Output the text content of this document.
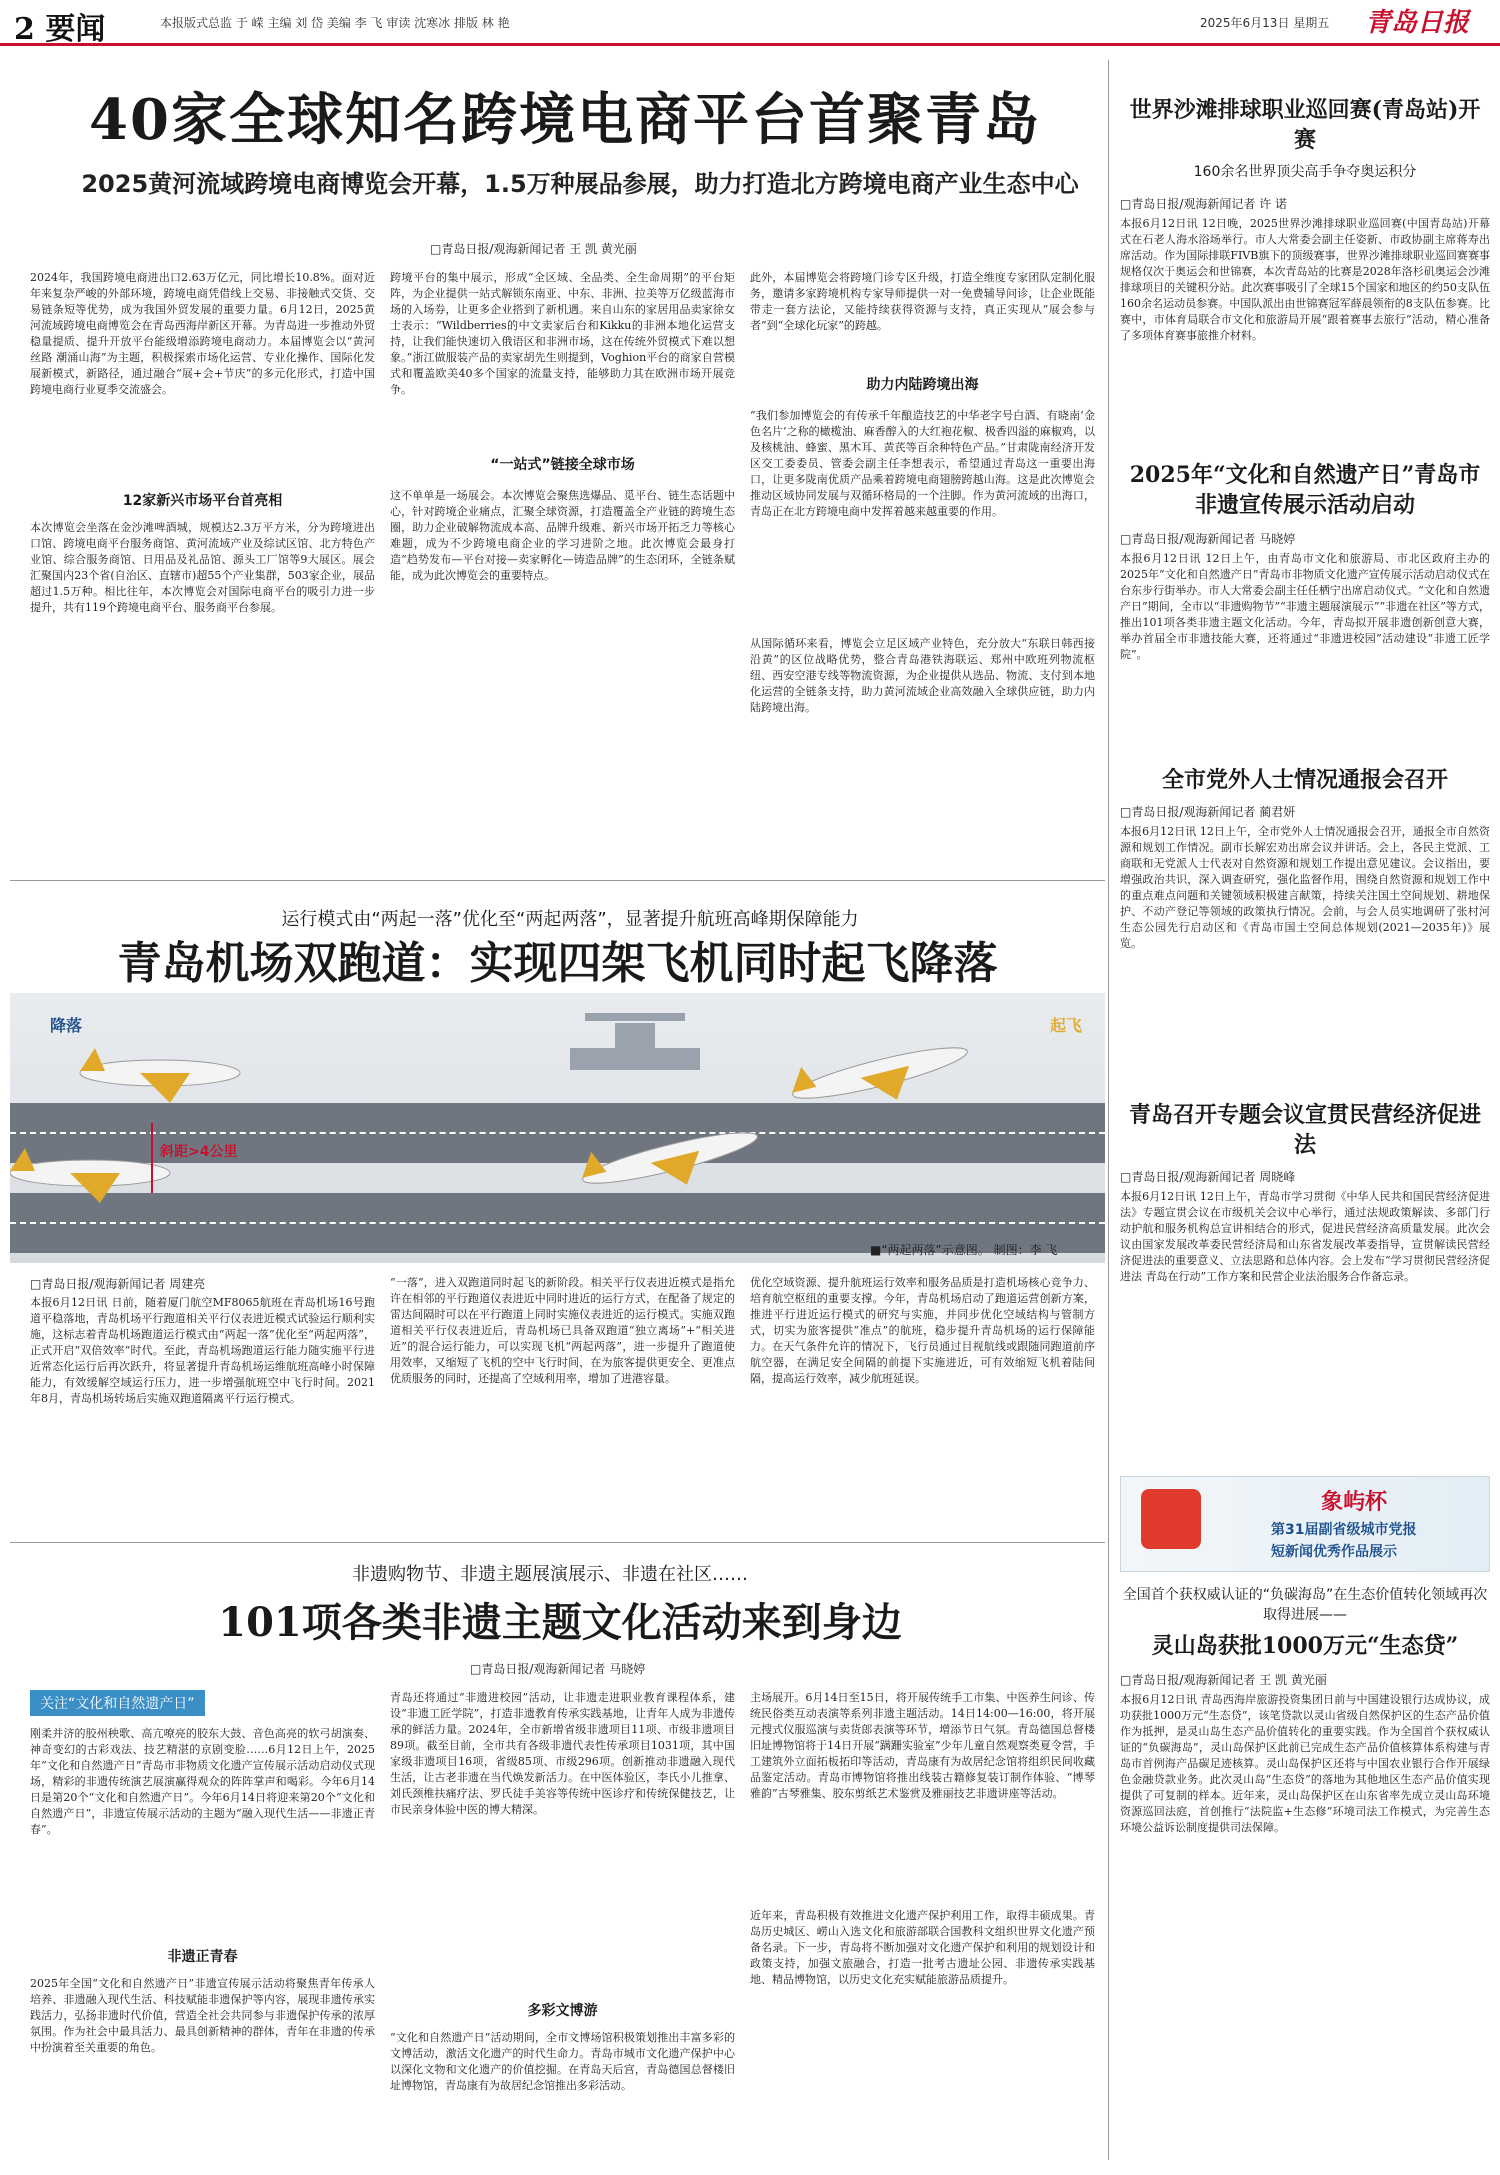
2 要闻	本报版式总监 于 嵘 主编 刘 岱 美编 李 飞 审读 沈寒冰 排版 林 艳	2025年6月13日 星期五 青岛日报
40家全球知名跨境电商平台首聚青岛
2025黄河流域跨境电商博览会开幕，1.5万种展品参展，助力打造北方跨境电商产业生态中心
□青岛日报/观海新闻记者 王 凯 黄光丽

2024年，我国跨境电商进出口2.63万亿元，同比增长10.8%。面对近年来复杂严峻的外部环境，跨境电商凭借线上交易、非接触式交货、交易链条短等优势，成为我国外贸发展的重要力量。6月12日，2025黄河流域跨境电商博览会在青岛西海岸新区开幕。为青岛进一步推动外贸稳量提质、提升开放平台能级增添跨境电商动力。本届博览会以“黄河丝路 潮涌山海”为主题，积极探索市场化运营、专业化操作、国际化发展新模式，新路径，通过融合“展+会+节庆”的多元化形式，打造中国跨境电商行业夏季交流盛会。

12家新兴市场平台首亮相

本次博览会坐落在金沙滩啤酒城，规模达2.3万平方米，分为跨境进出口馆、跨境电商平台服务商馆、黄河流域产业及综试区馆、北方特色产业馆、综合服务商馆、日用品及礼品馆、源头工厂馆等9大展区。展会汇聚国内23个省(自治区、直辖市)超55个产业集群，503家企业，展品超过1.5万种。相比往年，本次博览会对国际电商平台的吸引力进一步提升，共有119个跨境电商平台、服务商平台参展。

跨境平台的集中展示，形成“全区域、全品类、全生命周期”的平台矩阵，为企业提供一站式解锁东南亚、中东、非洲、拉美等万亿级蓝海市场的入场券，让更多企业搭到了新机遇。来自山东的家居用品卖家徐女士表示：“Wildberries的中文卖家后台和Kikku的非洲本地化运营支持，让我们能快速切入俄语区和非洲市场，这在传统外贸模式下难以想象。”浙江做服装产品的卖家胡先生则提到，Voghion平台的商家自营模式和覆盖欧美40多个国家的流量支持，能够助力其在欧洲市场开展竞争。

“一站式”链接全球市场

这不单单是一场展会。本次博览会聚焦选爆品、觅平台、链生态话题中心，针对跨境企业痛点，汇聚全球资源，打造覆盖全产业链的跨境生态圈，助力企业破解物流成本高、品牌升级难、新兴市场开拓乏力等核心难题，成为不少跨境电商企业的学习进阶之地。此次博览会最身打造“趋势发布—平台对接—卖家孵化—铸造品牌”的生态闭环，全链条赋能，成为此次博览会的重要特点。

此外，本届博览会将跨境门诊专区升级，打造全维度专家团队定制化服务，邀请多家跨境机构专家导师提供一对一免费辅导问诊，让企业既能带走一套方法论，又能持续获得资源与支持，真正实现从“展会参与者”到“全球化玩家”的跨越。

助力内陆跨境出海

“我们参加博览会的有传承千年酿造技艺的中华老字号白酒、有晓南‘金色名片’之称的橄榄油、麻香醇入的大红袍花椒、极香四溢的麻椒鸡，以及核桃油、蜂蜜、黑木耳、黄芪等百余种特色产品。”甘肃陇南经济开发区交工委委员、管委会副主任李想表示，希望通过青岛这一重要出海口，让更多陇南优质产品乘着跨境电商翅膀跨越山海。这是此次博览会推动区域协同发展与双循环格局的一个注脚。作为黄河流域的出海口，青岛正在北方跨境电商中发挥着越来越重要的作用。

从国际循环来看，博览会立足区域产业特色，充分放大“东联日韩西接沿黄”的区位战略优势，整合青岛港铁海联运、郑州中欧班列物流枢纽、西安空港专线等物流资源，为企业提供从选品、物流、支付到本地化运营的全链条支持，助力黄河流域企业高效融入全球供应链，助力内陆跨境出海。

运行模式由“两起一落”优化至“两起两落”，显著提升航班高峰期保障能力
青岛机场双跑道：实现四架飞机同时起飞降落
降落	起飞
斜距>4公里
■“两起两落”示意图。 制图：李 飞
□青岛日报/观海新闻记者 周建亮

本报6月12日讯 日前，随着厦门航空MF8065航班在青岛机场16号跑道平稳落地，青岛机场平行跑道相关平行仪表进近模式试验运行顺利实施，这标志着青岛机场跑道运行模式由“两起一落”优化至“两起两落”，正式开启“双倍效率”时代。至此，青岛机场跑道运行能力随实施平行进近常态化运行后再次跃升，将显著提升青岛机场运维航班高峰小时保障能力，有效缓解空域运行压力，进一步增强航班空中飞行时间。2021年8月，青岛机场转场后实施双跑道隔离平行运行模式。

“一落”，进入双跑道同时起飞的新阶段。相关平行仪表进近模式是指允许在相邻的平行跑道仪表进近中同时进近的运行方式，在配备了规定的雷达间隔时可以在平行跑道上同时实施仪表进近的运行模式。实施双跑道相关平行仪表进近后，青岛机场已具备双跑道“独立离场”+“相关进近”的混合运行能力，可以实现飞机“两起两落”，进一步提升了跑道使用效率，又缩短了飞机的空中飞行时间，在为旅客提供更安全、更准点优质服务的同时，还提高了空域利用率，增加了进港容量。

优化空域资源、提升航班运行效率和服务品质是打造机场核心竞争力、培育航空枢纽的重要支撑。今年，青岛机场启动了跑道运营创新方案，推进平行进近运行模式的研究与实施，并同步优化空域结构与管制方式，切实为旅客提供“准点”的航班，稳步提升青岛机场的运行保障能力。在天气条件允许的情况下，飞行员通过目视航线或跟随同跑道前序航空器，在满足安全间隔的前提下实施进近，可有效缩短飞机着陆间隔，提高运行效率，减少航班延误。

非遗购物节、非遗主题展演展示、非遗在社区……
101项各类非遗主题文化活动来到身边
□青岛日报/观海新闻记者 马晓婷
关注“文化和自然遗产日”

刚柔并济的胶州秧歌、高亢嘹亮的胶东大鼓、音色高亮的软弓胡演奏、神奇变幻的古彩戏法、技艺精湛的京剧变脸……6月12日上午，2025年“文化和自然遗产日”青岛市非物质文化遗产宣传展示活动启动仪式现场，精彩的非遗传统演艺展演赢得观众的阵阵掌声和喝彩。今年6月14日是第20个“文化和自然遗产日”。今年6月14日将迎来第20个“文化和自然遗产日”，非遗宣传展示活动的主题为“融入现代生活——非遗正青春”。

非遗正青春

2025年全国“文化和自然遗产日”非遗宣传展示活动将聚焦青年传承人培养、非遗融入现代生活、科技赋能非遗保护等内容，展现非遗传承实践活力，弘扬非遗时代价值，营造全社会共同参与非遗保护传承的浓厚氛围。作为社会中最具活力、最具创新精神的群体，青年在非遗的传承中扮演着至关重要的角色。

青岛还将通过“非遗进校园”活动，让非遗走进职业教育课程体系，建设“非遗工匠学院”，打造非遗教育传承实践基地，让青年人成为非遗传承的鲜活力量。2024年，全市新增省级非遗项目11项、市级非遗项目89项。截至目前，全市共有各级非遗代表性传承项目1031项，其中国家级非遗项目16项，省级85项、市级296项。创新推动非遗融入现代生活，让古老非遗在当代焕发新活力。在中医体验区，李氏小儿推拿、刘氏颈椎扶痛疗法、罗氏徒手美容等传统中医诊疗和传统保健技艺，让市民亲身体验中医的博大精深。

多彩文博游

“文化和自然遗产日”活动期间，全市文博场馆积极策划推出丰富多彩的文博活动，激活文化遗产的时代生命力。青岛市城市文化遗产保护中心以深化文物和文化遗产的价值挖掘。在青岛天后宫，青岛德国总督楼旧址博物馆，青岛康有为故居纪念馆推出多彩活动。

主场展开。6月14日至15日，将开展传统手工市集、中医养生问诊、传统民俗类互动表演等系列非遗主题活动。14日14:00—16:00，将开展元搜式仪服巡演与卖货郎表演等环节，增添节日气氛。青岛德国总督楼旧址博物馆将于14日开展“蹒跚实验室”少年儿童自然观察类夏令营，手工建筑外立面拓板拓印等活动，青岛康有为故居纪念馆将组织民间收藏品鉴定活动。青岛市博物馆将推出线装古籍修复装订制作体验、“博琴雅韵”古琴雅集、胶东剪纸艺术鉴赏及雅丽技艺非遗讲座等活动。

近年来，青岛积极有效推进文化遗产保护利用工作，取得丰硕成果。青岛历史城区、崂山入选文化和旅游部联合国教科文组织世界文化遗产预备名录。下一步，青岛将不断加强对文化遗产保护和利用的规划设计和政策支持，加强文旅融合，打造一批考古遗址公园、非遗传承实践基地、精品博物馆，以历史文化充实赋能旅游品质提升。

世界沙滩排球职业巡回赛(青岛站)开赛
160余名世界顶尖高手争夺奥运积分
□青岛日报/观海新闻记者 许 诺

本报6月12日讯 12日晚，2025世界沙滩排球职业巡回赛(中国青岛站)开幕式在石老人海水浴场举行。市人大常委会副主任姿新、市政协副主席蒋寿出席活动。作为国际排联FIVB旗下的顶级赛事，世界沙滩排球职业巡回赛赛事规格仅次于奥运会和世锦赛，本次青岛站的比赛是2028年洛杉矶奥运会沙滩排球项目的关键积分站。此次赛事吸引了全球15个国家和地区的约50支队伍160余名运动员参赛。中国队派出由世锦赛冠军薛晨领衔的8支队伍参赛。比赛中，市体育局联合市文化和旅游局开展“跟着赛事去旅行”活动，精心准备了多项体育赛事旅推介材料。

2025年“文化和自然遗产日”青岛市非遗宣传展示活动启动
□青岛日报/观海新闻记者 马晓婷

本报6月12日讯 12日上午，由青岛市文化和旅游局、市北区政府主办的2025年“文化和自然遗产日”青岛市非物质文化遗产宣传展示活动启动仪式在台东步行街举办。市人大常委会副主任任栖宁出席启动仪式。“文化和自然遗产日”期间，全市以“非遗购物节”“非遗主题展演展示”“非遗在社区”等方式，推出101项各类非遗主题文化活动。今年，青岛拟开展非遗创新创意大赛，举办首届全市非遗技能大赛，还将通过“非遗进校园”活动建设“非遗工匠学院”。

全市党外人士情况通报会召开
□青岛日报/观海新闻记者 蔺君妍

本报6月12日讯 12日上午，全市党外人士情况通报会召开，通报全市自然资源和规划工作情况。副市长解宏劝出席会议并讲话。会上，各民主党派、工商联和无党派人士代表对自然资源和规划工作提出意见建议。会议指出，要增强政治共识，深入调查研究，强化监督作用，围绕自然资源和规划工作中的重点难点问题和关键领域积极建言献策，持续关注国土空间规划、耕地保护、不动产登记等领域的政策执行情况。会前，与会人员实地调研了张村河生态公园先行启动区和《青岛市国土空间总体规划(2021—2035年)》展览。

青岛召开专题会议宣贯民营经济促进法
□青岛日报/观海新闻记者 周晓峰

本报6月12日讯 12日上午，青岛市学习贯彻《中华人民共和国民营经济促进法》专题宣贯会议在市级机关会议中心举行，通过法规政策解读、多部门行动护航和服务机构总宣讲相结合的形式，促进民营经济高质量发展。此次会议由国家发展改革委民营经济局和山东省发展改革委指导，宣贯解读民营经济促进法的重要意义、立法思路和总体内容。会上发布“学习贯彻民营经济促进法 青岛在行动”工作方案和民营企业法治服务合作备忘录。

象屿杯
第31届副省级城市党报
短新闻优秀作品展示
全国首个获权威认证的“负碳海岛”在生态价值转化领域再次取得进展——
灵山岛获批1000万元“生态贷”
□青岛日报/观海新闻记者 王 凯 黄光丽

本报6月12日讯 青岛西海岸旅游投资集团日前与中国建设银行达成协议，成功获批1000万元“生态贷”，该笔贷款以灵山省级自然保护区的生态产品价值作为抵押，是灵山岛生态产品价值转化的重要实践。作为全国首个获权威认证的“负碳海岛”，灵山岛保护区此前已完成生态产品价值核算体系构建与青岛市首例海产品碳足迹核算。灵山岛保护区还将与中国农业银行合作开展绿色金融贷款业务。此次灵山岛“生态贷”的落地为其他地区生态产品价值实现提供了可复制的样本。近年来，灵山岛保护区在山东省率先成立灵山岛环境资源巡回法庭，首创推行“法院监+生态修”环境司法工作模式，为完善生态环境公益诉讼制度提供司法保障。
